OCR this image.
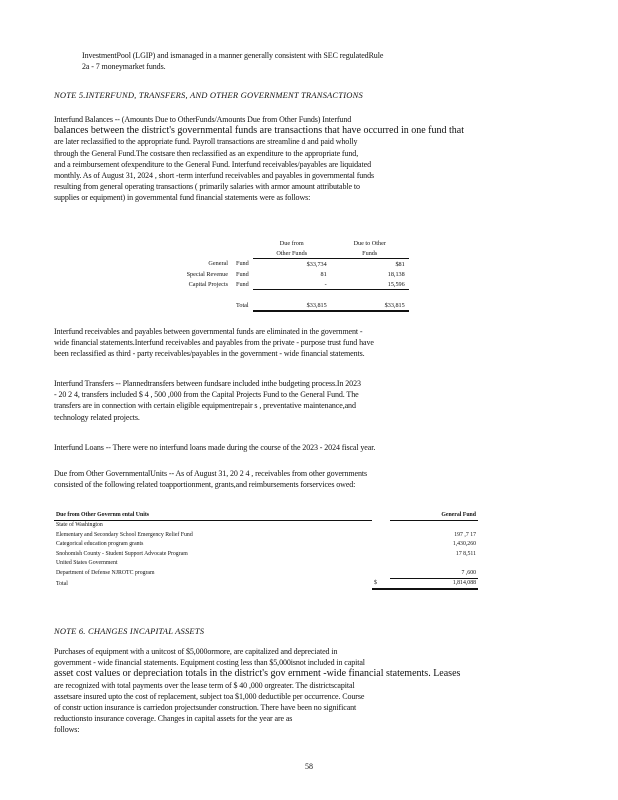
InvestmentPool (LGIP) and ismanaged in a manner generally consistent with SEC regulatedRule
2a - 7 moneymarket funds.
NOTE 5.INTERFUND, TRANSFERS, AND OTHER GOVERNMENT TRANSACTIONS
Interfund Balances -- (Amounts Due to OtherFunds/Amounts Due from Other Funds) Interfund
balances between the district's governmental funds are transactions that have occurred in one fund that
are later reclassified to the appropriate fund. Payroll transactions are streamline d and paid wholly
through the General Fund.The costsare then reclassified as an expenditure to the appropriate fund,
and a reimbursement ofexpenditure to the General Fund. Interfund receivables/payables are liquidated
monthly. As of August 31, 2024 , short -term interfund receivables and payables in governmental funds
resulting from general operating transactions ( primarily salaries with armor amount attributable to
supplies or equipment) in governmental fund financial statements were as follows:
		Due from	Due to Other
		Other Funds	Funds
General	Fund	$33,734	$81
Special Revenue	Fund	81	18,138
Capital Projects	Fund	-	15,596

	Total	$33,815	$33,815
Interfund receivables and payables between governmental funds are eliminated in the government -
wide financial statements.Interfund receivables and payables from the private - purpose trust fund have
been reclassified as third - party receivables/payables in the government - wide financial statements.
Interfund Transfers -- Plannedtransfers between fundsare included inthe budgeting process.In 2023
- 20 2 4, transfers included $ 4 , 500 ,000 from the Capital Projects Fund to the General Fund. The
transfers are in connection with certain eligible equipmentrepair s , preventative maintenance,and
technology related projects.
Interfund Loans -- There were no interfund loans made during the course of the 2023 - 2024 fiscal year.
Due from Other GovernmentalUnits -- As of August 31, 20 2 4 , receivables from other governments
consisted of the following related toapportionment, grants,and reimbursements forservices owed:
Due from Other Governm ental Units		General Fund
State of Washington		
Elementary and Secondary School Emergency Relief Fund		197 ,7 17
Categorical education program grants		1,430,260
Snohomish County - Student Support Advocate Program		17 8,511
United States Government		
Department of Defense NJROTC program		7 ,600
Total	$	1,814,088
NOTE 6. CHANGES INCAPITAL ASSETS
Purchases of equipment with a unitcost of $5,000ormore, are capitalized and depreciated in
government - wide financial statements. Equipment costing less than $5,000isnot included in capital
asset cost values or depreciation totals in the district's gov ernment -wide financial statements. Leases
are recognized with total payments over the lease term of $ 40 ,000 orgreater. The districtscapital
assetsare insured upto the cost of replacement, subject toa $1,000 deductible per occurrence. Course
of constr uction insurance is carriedon projectsunder construction. There have been no significant
reductionsto insurance coverage. Changes in capital assets for the year are as
follows:
58
